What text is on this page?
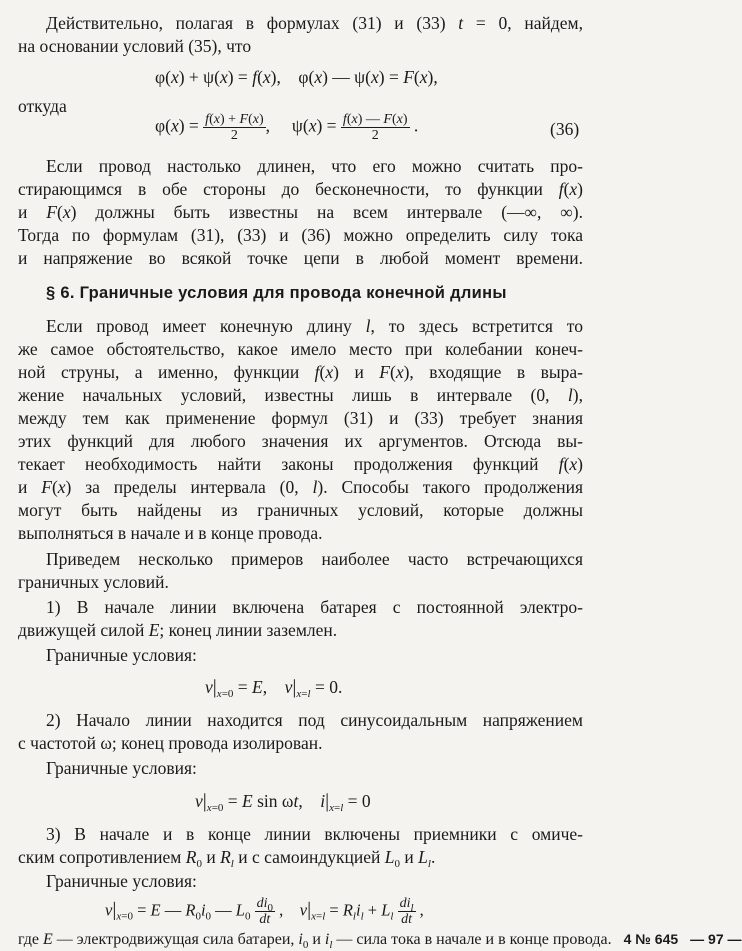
Действительно, полагая в формулах (31) и (33) t = 0, найдем,
на основании условий (35), что
φ(x) + ψ(x) = f(x),    φ(x) — ψ(x) = F(x),
откуда
$\varphi(x) = \frac{f(x) + F(x)}{2}$ ,     $\psi(x) = \frac{f(x) — F(x)}{2}$ .	(36)
Если провод настолько длинен, что его можно считать про-
стирающимся в обе стороны до бесконечности, то функции f(x)
и F(x) должны быть известны на всем интервале (—∞, ∞).
Тогда по формулам (31), (33) и (36) можно определить силу тока
и напряжение во всякой точке цепи в любой момент времени.
§ 6. Граничные условия для провода конечной длины
Если провод имеет конечную длину l, то здесь встретится то
же самое обстоятельство, какое имело место при колебании конеч-
ной струны, а именно, функции f(x) и F(x), входящие в выра-
жение начальных условий, известны лишь в интервале (0, l),
между тем как применение формул (31) и (33) требует знания
этих функций для любого значения их аргументов. Отсюда вы-
текает необходимость найти законы продолжения функций f(x)
и F(x) за пределы интервала (0, l). Способы такого продолжения
могут быть найдены из граничных условий, которые должны
выполняться в начале и в конце провода.
Приведем несколько примеров наиболее часто встречающихся
граничных условий.
1) В начале линии включена батарея с постоянной электро-
движущей силой E; конец линии заземлен.
Граничные условия:
$v|_{x=0} = E$,    $v|_{x=l} = 0$.
2) Начало линии находится под синусоидальным напряжением
с частотой ω; конец провода изолирован.
Граничные условия:
$v|_{x=0} = E$ sin ωt,    $i|_{x=l} = 0$
3) В начале и в конце линии включены приемники с омиче-
ским сопротивлением $R_0$ и $R_l$ и с самоиндукцией $L_0$ и $L_l$.
Граничные условия:
$v|_{x=0} = E$ — $R_0i_0$ — $L_0 \frac{di_0}{dt}$ ,    $v|_{x=l} = R_li_l + L_l \frac{di_l}{dt}$ ,
где E — электродвижущая сила батареи, $i_0$ и $i_l$ — сила тока в начале и в конце провода.   4 № 645 — 97 —
